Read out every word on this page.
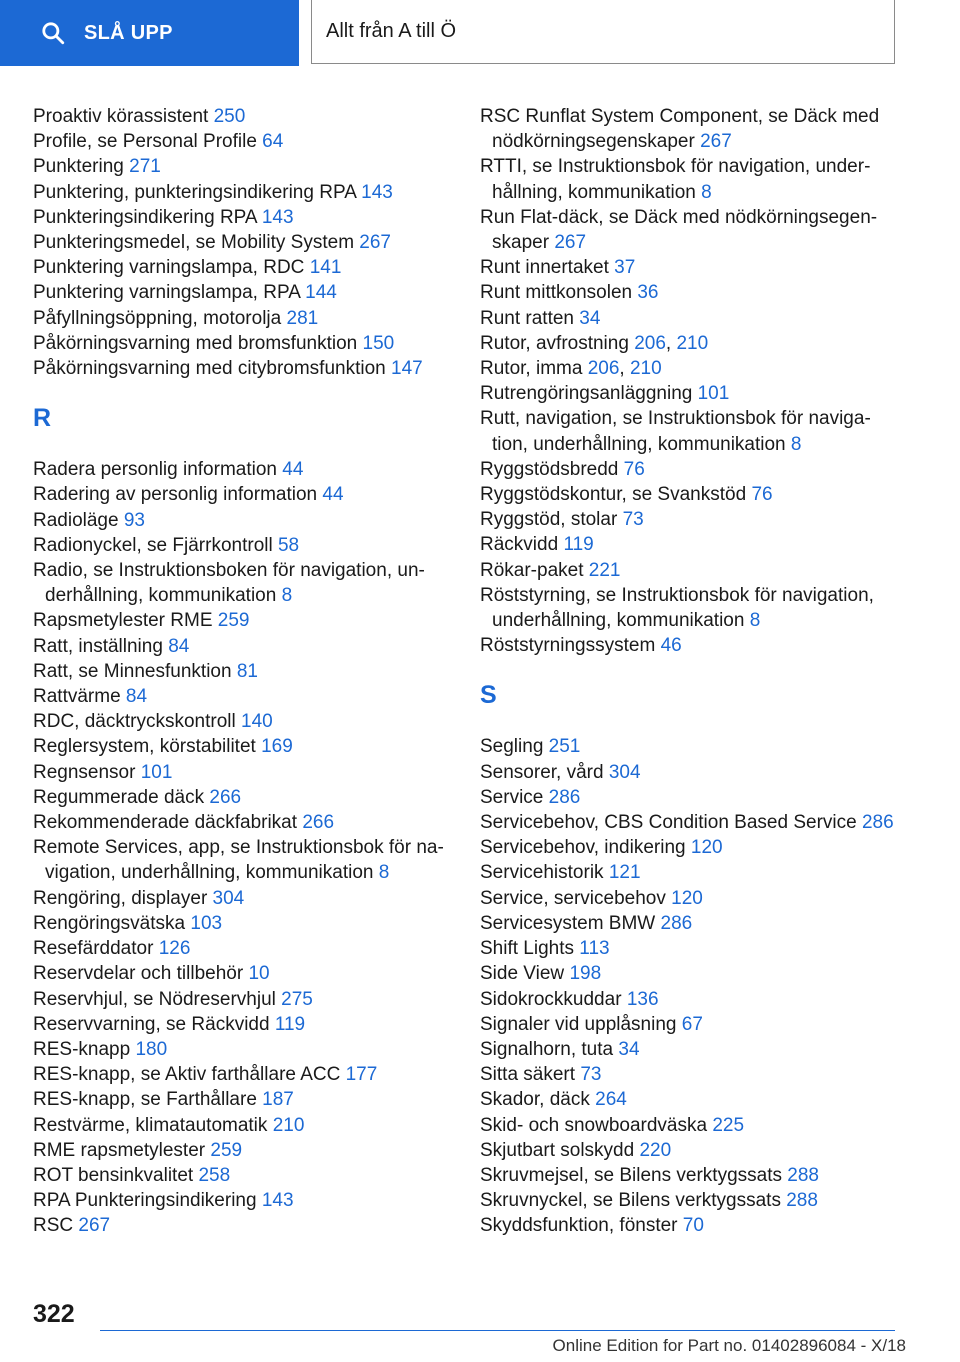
SLÅ UPP	Allt från A till Ö
Proaktiv körassistent 250
Profile, se Personal Profile 64
Punktering 271
Punktering, punkteringsindikering RPA 143
Punkteringsindikering RPA 143
Punkteringsmedel, se Mobility System 267
Punktering varningslampa, RDC 141
Punktering varningslampa, RPA 144
Påfyllningsöppning, motorolja 281
Påkörningsvarning med bromsfunktion 150
Påkörningsvarning med citybromsfunktion 147
R
Radera personlig information 44
Radering av personlig information 44
Radioläge 93
Radionyckel, se Fjärrkontroll 58
Radio, se Instruktionsboken för navigation, underhållning, kommunikation 8
Rapsmetylester RME 259
Ratt, inställning 84
Ratt, se Minnesfunktion 81
Rattvärme 84
RDC, däcktryckskontroll 140
Reglersystem, körstabilitet 169
Regnsensor 101
Regummerade däck 266
Rekommenderade däckfabrikat 266
Remote Services, app, se Instruktionsbok för navigation, underhållning, kommunikation 8
Rengöring, displayer 304
Rengöringsvätska 103
Resefärddator 126
Reservdelar och tillbehör 10
Reservhjul, se Nödreservhjul 275
Reservvarning, se Räckvidd 119
RES-knapp 180
RES-knapp, se Aktiv farthållare ACC 177
RES-knapp, se Farthållare 187
Restvärme, klimatautomatik 210
RME rapsmetylester 259
ROT bensinkvalitet 258
RPA Punkteringsindikering 143
RSC 267
RSC Runflat System Component, se Däck med nödkörningsegenskaper 267
RTTI, se Instruktionsbok för navigation, underhållning, kommunikation 8
Run Flat-däck, se Däck med nödkörningsegenskaper 267
Runt innertaket 37
Runt mittkonsolen 36
Runt ratten 34
Rutor, avfrostning 206, 210
Rutor, imma 206, 210
Rutrengöringsanläggning 101
Rutt, navigation, se Instruktionsbok för navigation, underhållning, kommunikation 8
Ryggstödsbredd 76
Ryggstödskontur, se Svankstöd 76
Ryggstöd, stolar 73
Räckvidd 119
Rökar-paket 221
Röststyrning, se Instruktionsbok för navigation, underhållning, kommunikation 8
Röststyrningssystem 46
S
Segling 251
Sensorer, vård 304
Service 286
Servicebehov, CBS Condition Based Service 286
Servicebehov, indikering 120
Servicehistorik 121
Service, servicebehov 120
Servicesystem BMW 286
Shift Lights 113
Side View 198
Sidokrockkuddar 136
Signaler vid upplåsning 67
Signalhorn, tuta 34
Sitta säkert 73
Skador, däck 264
Skid- och snowboardväska 225
Skjutbart solskydd 220
Skruvmejsel, se Bilens verktygssats 288
Skruvnyckel, se Bilens verktygssats 288
Skyddsfunktion, fönster 70
322
Online Edition for Part no. 01402896084 - X/18
